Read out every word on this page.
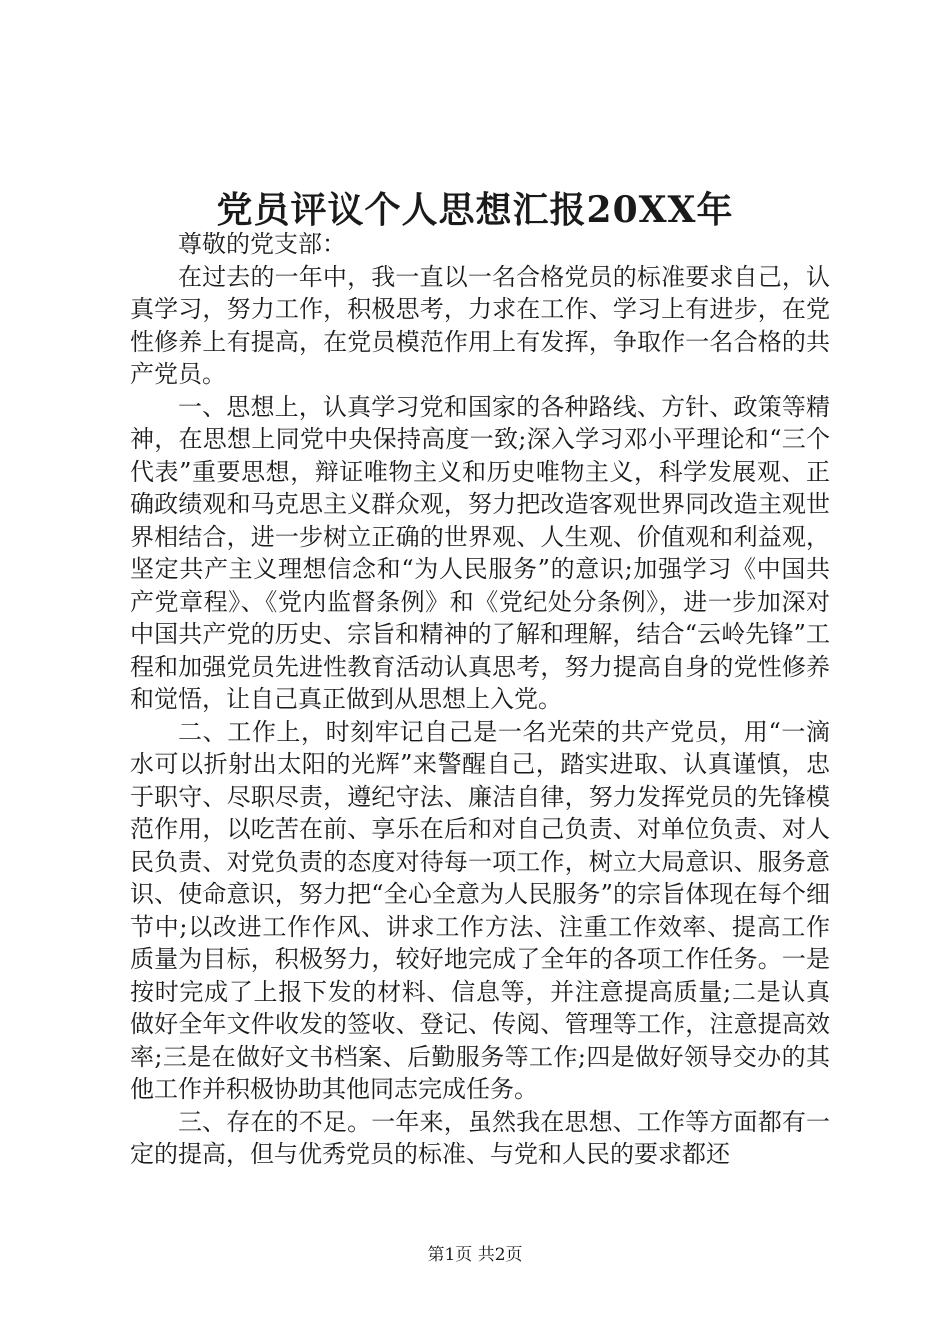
党员评议个人思想汇报20XX年

尊敬的党支部：

在过去的一年中，我一直以一名合格党员的标准要求自己，认真学习，努力工作，积极思考，力求在工作、学习上有进步，在党性修养上有提高，在党员模范作用上有发挥，争取作一名合格的共产党员。

一、思想上，认真学习党和国家的各种路线、方针、政策等精神，在思想上同党中央保持高度一致;深入学习邓小平理论和“三个代表”重要思想，辩证唯物主义和历史唯物主义，科学发展观、正确政绩观和马克思主义群众观，努力把改造客观世界同改造主观世界相结合，进一步树立正确的世界观、人生观、价值观和利益观，坚定共产主义理想信念和“为人民服务”的意识;加强学习《中国共产党章程》、《党内监督条例》和《党纪处分条例》，进一步加深对中国共产党的历史、宗旨和精神的了解和理解，结合“云岭先锋”工程和加强党员先进性教育活动认真思考，努力提高自身的党性修养和觉悟，让自己真正做到从思想上入党。

二、工作上，时刻牢记自己是一名光荣的共产党员，用“一滴水可以折射出太阳的光辉”来警醒自己，踏实进取、认真谨慎，忠于职守、尽职尽责，遵纪守法、廉洁自律，努力发挥党员的先锋模范作用，以吃苦在前、享乐在后和对自己负责、对单位负责、对人民负责、对党负责的态度对待每一项工作，树立大局意识、服务意识、使命意识，努力把“全心全意为人民服务”的宗旨体现在每个细节中;以改进工作作风、讲求工作方法、注重工作效率、提高工作质量为目标，积极努力，较好地完成了全年的各项工作任务。一是按时完成了上报下发的材料、信息等，并注意提高质量;二是认真做好全年文件收发的签收、登记、传阅、管理等工作，注意提高效率;三是在做好文书档案、后勤服务等工作;四是做好领导交办的其他工作并积极协助其他同志完成任务。

三、存在的不足。一年来，虽然我在思想、工作等方面都有一定的提高，但与优秀党员的标准、与党和人民的要求都还

第1页 共2页
